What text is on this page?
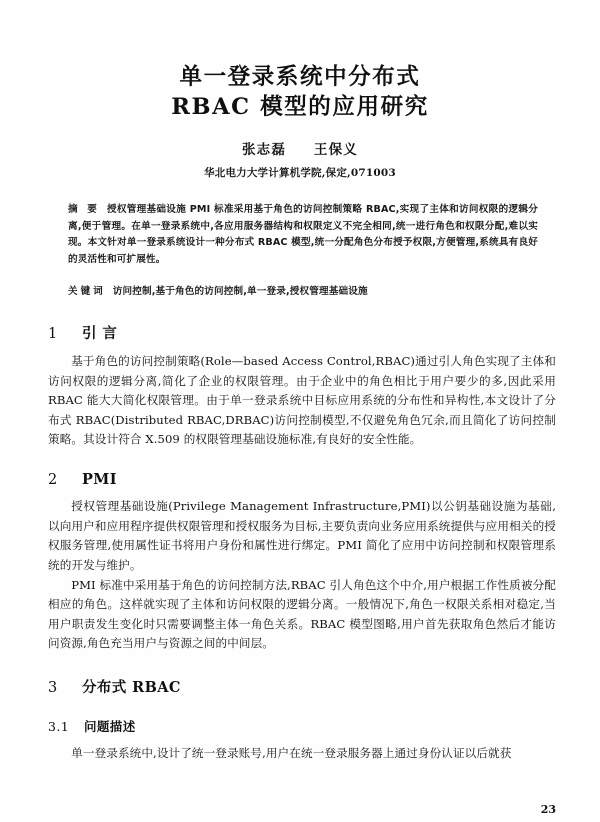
单一登录系统中分布式
RBAC 模型的应用研究
张志磊 王保义
华北电力大学计算机学院,保定,071003
摘 要 授权管理基础设施 PMI 标准采用基于角色的访问控制策略 RBAC,实现了主体和访问权限的逻辑分离,便于管理。在单一登录系统中,各应用服务器结构和权限定义不完全相同,统一进行角色和权限分配,难以实现。本文针对单一登录系统设计一种分布式 RBAC 模型,统一分配角色分布授予权限,方便管理,系统具有良好的灵活性和可扩展性。
关键词 访问控制,基于角色的访问控制,单一登录,授权管理基础设施
1 引 言

基于角色的访问控制策略(Role—based Access Control,RBAC)通过引人角色实现了主体和访问权限的逻辑分离,简化了企业的权限管理。由于企业中的角色相比于用户要少的多,因此采用 RBAC 能大大简化权限管理。由于单一登录系统中目标应用系统的分布性和异构性,本文设计了分布式 RBAC(Distributed RBAC,DRBAC)访问控制模型,不仅避免角色冗余,而且简化了访问控制策略。其设计符合 X.509 的权限管理基础设施标准,有良好的安全性能。

2 PMI

授权管理基础设施(Privilege Management Infrastructure,PMI)以公钥基础设施为基础,以向用户和应用程序提供权限管理和授权服务为目标,主要负责向业务应用系统提供与应用相关的授权服务管理,使用属性证书将用户身份和属性进行绑定。PMI 简化了应用中访问控制和权限管理系统的开发与维护。

PMI 标准中采用基于角色的访问控制方法,RBAC 引人角色这个中介,用户根据工作性质被分配相应的角色。这样就实现了主体和访问权限的逻辑分离。一般情况下,角色一权限关系相对稳定,当用户职责发生变化时只需要调整主体一角色关系。RBAC 模型图略,用户首先获取角色然后才能访问资源,角色充当用户与资源之间的中间层。

3 分布式 RBAC
3.1 问题描述

单一登录系统中,设计了统一登录账号,用户在统一登录服务器上通过身份认证以后就获

23
